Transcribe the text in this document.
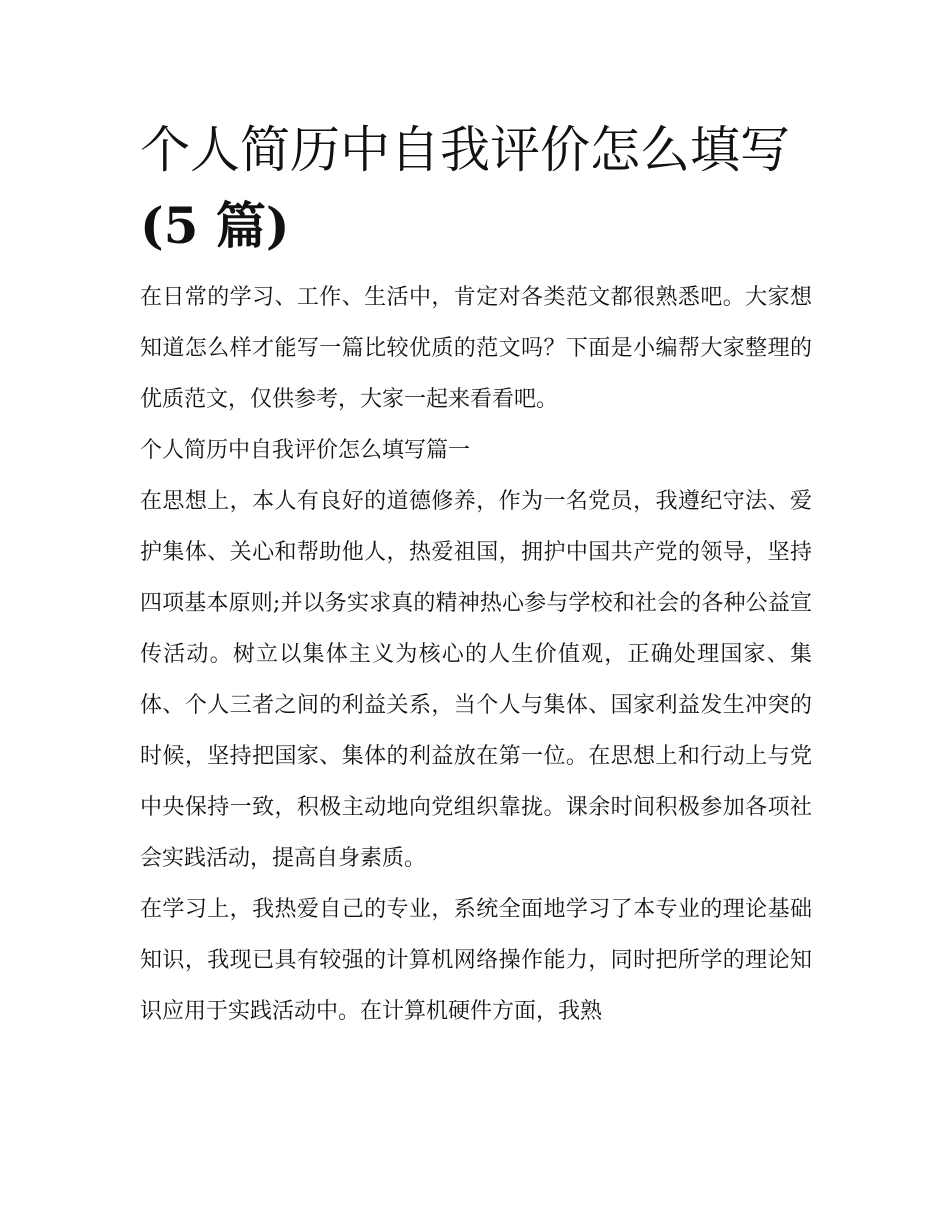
个人简历中自我评价怎么填写
(5 篇)

在日常的学习、工作、生活中，肯定对各类范文都很熟悉吧。大家想知道怎么样才能写一篇比较优质的范文吗？下面是小编帮大家整理的优质范文，仅供参考，大家一起来看看吧。

个人简历中自我评价怎么填写篇一

在思想上，本人有良好的道德修养，作为一名党员，我遵纪守法、爱护集体、关心和帮助他人，热爱祖国，拥护中国共产党的领导，坚持四项基本原则;并以务实求真的精神热心参与学校和社会的各种公益宣传活动。树立以集体主义为核心的人生价值观，正确处理国家、集体、个人三者之间的利益关系，当个人与集体、国家利益发生冲突的时候，坚持把国家、集体的利益放在第一位。在思想上和行动上与党中央保持一致，积极主动地向党组织靠拢。课余时间积极参加各项社会实践活动，提高自身素质。

在学习上，我热爱自己的专业，系统全面地学习了本专业的理论基础知识，我现已具有较强的计算机网络操作能力，同时把所学的理论知识应用于实践活动中。在计算机硬件方面，我熟
